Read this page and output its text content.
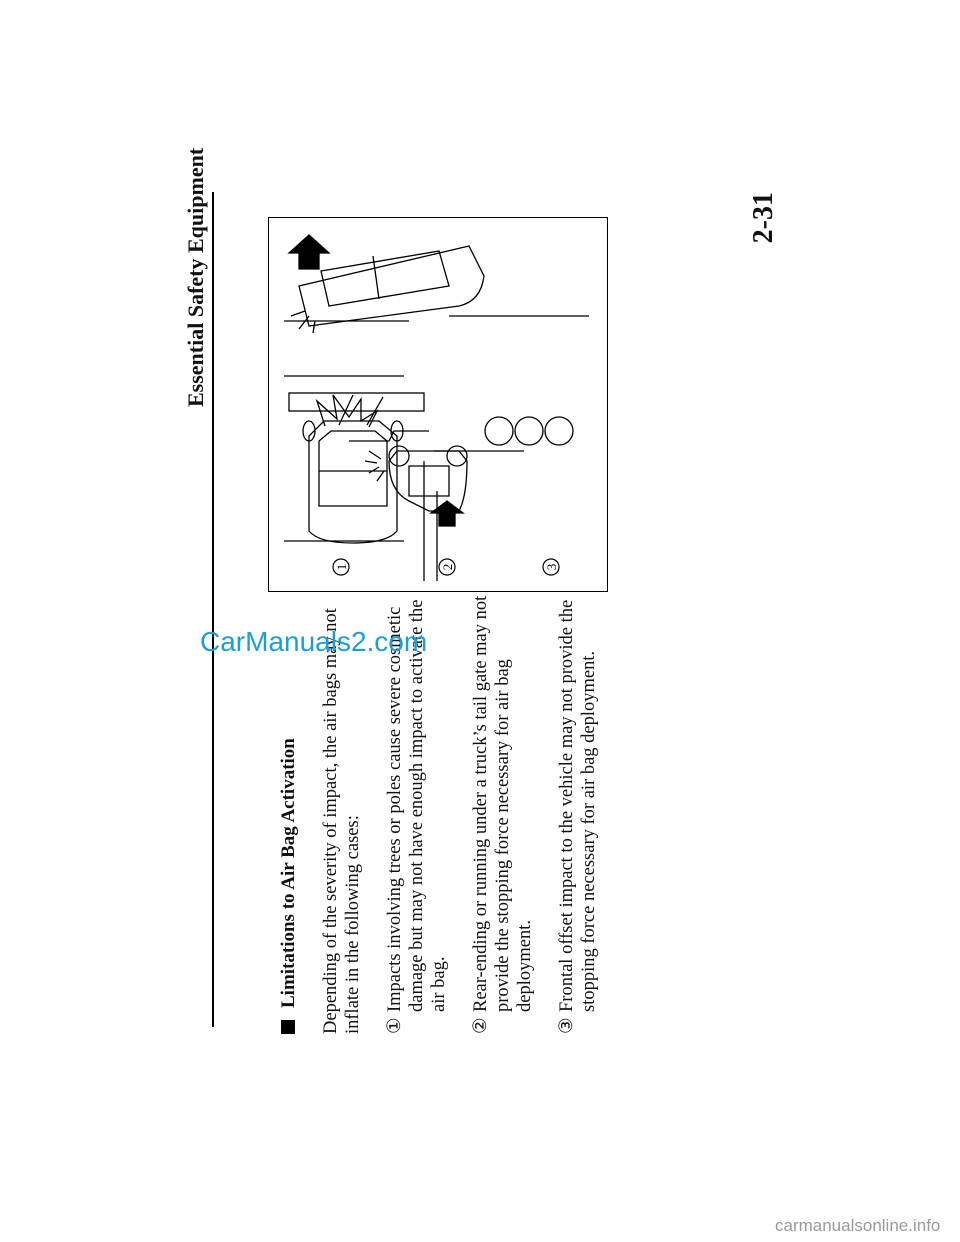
Essential Safety Equipment	2-31
Limitations to Air Bag Activation Depending of the severity of impact, the air bags may not inflate in the following cases: ①
Impacts involving trees or poles cause severe cosmetic damage but may not have enough impact to activate the air bag.
②
Rear-ending or running under a truck’s tail gate may not provide the stopping force necessary for air bag deployment.
③
Frontal offset impact to the vehicle may not provide the stopping force necessary for air bag deployment.
1	2	3
CarManuals2.com
carmanualsonline.info
